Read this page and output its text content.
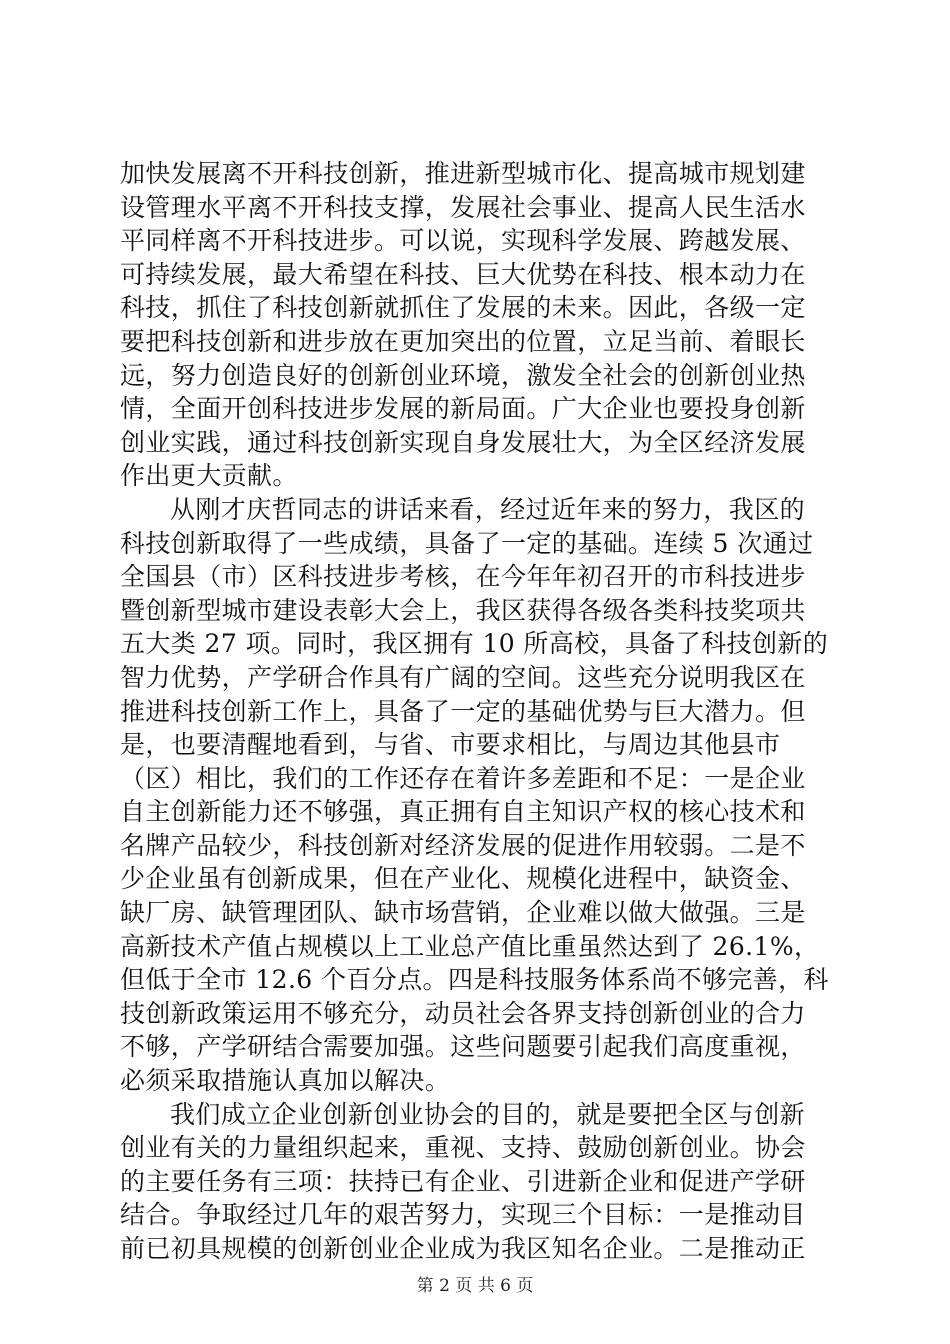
加快发展离不开科技创新，推进新型城市化、提高城市规划建
设管理水平离不开科技支撑，发展社会事业、提高人民生活水
平同样离不开科技进步。可以说，实现科学发展、跨越发展、
可持续发展，最大希望在科技、巨大优势在科技、根本动力在
科技，抓住了科技创新就抓住了发展的未来。因此，各级一定
要把科技创新和进步放在更加突出的位置，立足当前、着眼长
远，努力创造良好的创新创业环境，激发全社会的创新创业热
情，全面开创科技进步发展的新局面。广大企业也要投身创新
创业实践，通过科技创新实现自身发展壮大，为全区经济发展
作出更大贡献。
从刚才庆哲同志的讲话来看，经过近年来的努力，我区的
科技创新取得了一些成绩，具备了一定的基础。连续 5 次通过
全国县（市）区科技进步考核，在今年年初召开的市科技进步
暨创新型城市建设表彰大会上，我区获得各级各类科技奖项共
五大类 27 项。同时，我区拥有 10 所高校，具备了科技创新的
智力优势，产学研合作具有广阔的空间。这些充分说明我区在
推进科技创新工作上，具备了一定的基础优势与巨大潜力。但
是，也要清醒地看到，与省、市要求相比，与周边其他县市
（区）相比，我们的工作还存在着许多差距和不足：一是企业
自主创新能力还不够强，真正拥有自主知识产权的核心技术和
名牌产品较少，科技创新对经济发展的促进作用较弱。二是不
少企业虽有创新成果，但在产业化、规模化进程中，缺资金、
缺厂房、缺管理团队、缺市场营销，企业难以做大做强。三是
高新技术产值占规模以上工业总产值比重虽然达到了 26.1%，
但低于全市 12.6 个百分点。四是科技服务体系尚不够完善，科
技创新政策运用不够充分，动员社会各界支持创新创业的合力
不够，产学研结合需要加强。这些问题要引起我们高度重视，
必须采取措施认真加以解决。
我们成立企业创新创业协会的目的，就是要把全区与创新
创业有关的力量组织起来，重视、支持、鼓励创新创业。协会
的主要任务有三项：扶持已有企业、引进新企业和促进产学研
结合。争取经过几年的艰苦努力，实现三个目标：一是推动目
前已初具规模的创新创业企业成为我区知名企业。二是推动正
第 2 页 共 6 页
